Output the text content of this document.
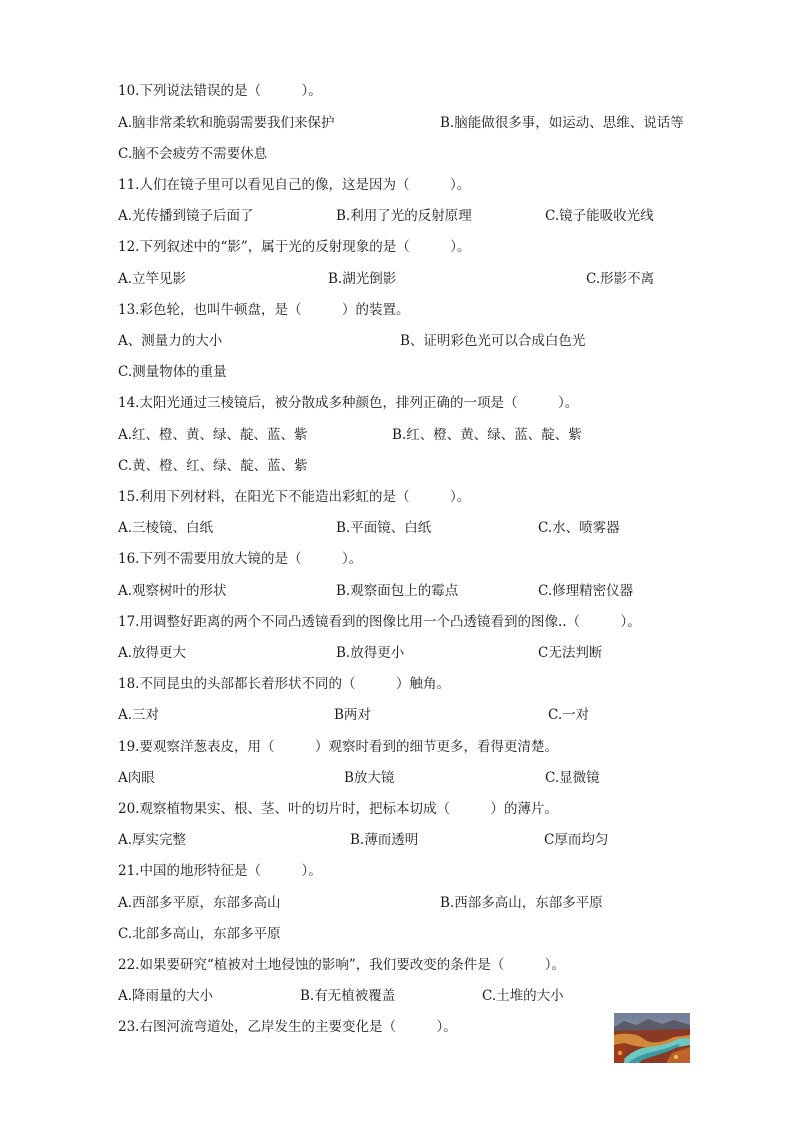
10.下列说法错误的是（　　　）。
A.脑非常柔软和脆弱需要我们来保护	B.脑能做很多事，如运动、思维、说话等
C.脑不会疲劳不需要休息
11.人们在镜子里可以看见自己的像，这是因为（　　　）。
A.光传播到镜子后面了	B.利用了光的反射原理	C.镜子能吸收光线
12.下列叙述中的“影”，属于光的反射现象的是（　　　）。
A.立竿见影	B.湖光倒影	C.形影不离
13.彩色轮，也叫牛顿盘，是（　　　）的装置。
A、测量力的大小	B、证明彩色光可以合成白色光
C.测量物体的重量
14.太阳光通过三棱镜后，被分散成多种颜色，排列正确的一项是（　　　）。
A.红、橙、黄、绿、靛、蓝、紫	B.红、橙、黄、绿、蓝、靛、紫
C.黄、橙、红、绿、靛、蓝、紫
15.利用下列材料，在阳光下不能造出彩虹的是（　　　）。
A.三棱镜、白纸	B.平面镜、白纸	C.水、喷雾器
16.下列不需要用放大镜的是（　　　）。
A.观察树叶的形状	B.观察面包上的霉点	C.修理精密仪器
17.用调整好距离的两个不同凸透镜看到的图像比用一个凸透镜看到的图像..（　　　）。
A.放得更大	B.放得更小	C无法判断
18.不同昆虫的头部都长着形状不同的（　　　）触角。
A.三对	B两对	C.一对
19.要观察洋葱表皮，用（　　　）观察时看到的细节更多，看得更清楚。
A肉眼	B放大镜	C.显微镜
20.观察植物果实、根、茎、叶的切片时，把标本切成（　　　）的薄片。
A.厚实完整	B.薄而透明	C厚而均匀
21.中国的地形特征是（　　　）。
A.西部多平原，东部多高山	B.西部多高山，东部多平原
C.北部多高山，东部多平原
22.如果要研究“植被对土地侵蚀的影响”，我们要改变的条件是（　　　）。
A.降雨量的大小	B.有无植被覆盖	C.土堆的大小
23.右图河流弯道处，乙岸发生的主要变化是（　　　）。
